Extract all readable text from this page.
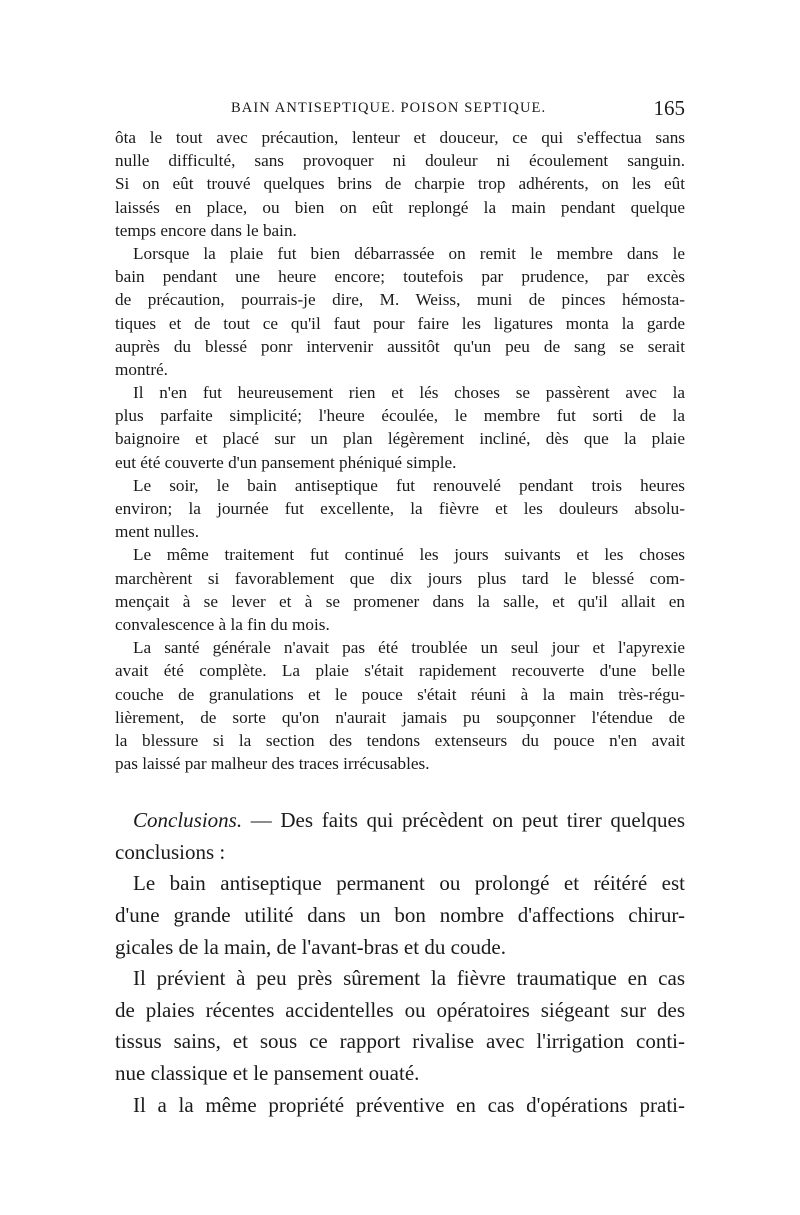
BAIN ANTISEPTIQUE. POISON SEPTIQUE.	165
ôta le tout avec précaution, lenteur et douceur, ce qui s'effectua sans
nulle difficulté, sans provoquer ni douleur ni écoulement sanguin.
Si on eût trouvé quelques brins de charpie trop adhérents, on les eût
laissés en place, ou bien on eût replongé la main pendant quelque
temps encore dans le bain.
Lorsque la plaie fut bien débarrassée on remit le membre dans le
bain pendant une heure encore; toutefois par prudence, par excès
de précaution, pourrais-je dire, M. Weiss, muni de pinces hémosta-
tiques et de tout ce qu'il faut pour faire les ligatures monta la garde
auprès du blessé ponr intervenir aussitôt qu'un peu de sang se serait
montré.
Il n'en fut heureusement rien et lés choses se passèrent avec la
plus parfaite simplicité; l'heure écoulée, le membre fut sorti de la
baignoire et placé sur un plan légèrement incliné, dès que la plaie
eut été couverte d'un pansement phéniqué simple.
Le soir, le bain antiseptique fut renouvelé pendant trois heures
environ; la journée fut excellente, la fièvre et les douleurs absolu-
ment nulles.
Le même traitement fut continué les jours suivants et les choses
marchèrent si favorablement que dix jours plus tard le blessé com-
mençait à se lever et à se promener dans la salle, et qu'il allait en
convalescence à la fin du mois.
La santé générale n'avait pas été troublée un seul jour et l'apyrexie
avait été complète. La plaie s'était rapidement recouverte d'une belle
couche de granulations et le pouce s'était réuni à la main très-régu-
lièrement, de sorte qu'on n'aurait jamais pu soupçonner l'étendue de
la blessure si la section des tendons extenseurs du pouce n'en avait
pas laissé par malheur des traces irrécusables.
Conclusions. — Des faits qui précèdent on peut tirer quelques
conclusions :
Le bain antiseptique permanent ou prolongé et réitéré est
d'une grande utilité dans un bon nombre d'affections chirur-
gicales de la main, de l'avant-bras et du coude.
Il prévient à peu près sûrement la fièvre traumatique en cas
de plaies récentes accidentelles ou opératoires siégeant sur des
tissus sains, et sous ce rapport rivalise avec l'irrigation conti-
nue classique et le pansement ouaté.
Il a la même propriété préventive en cas d'opérations prati-
